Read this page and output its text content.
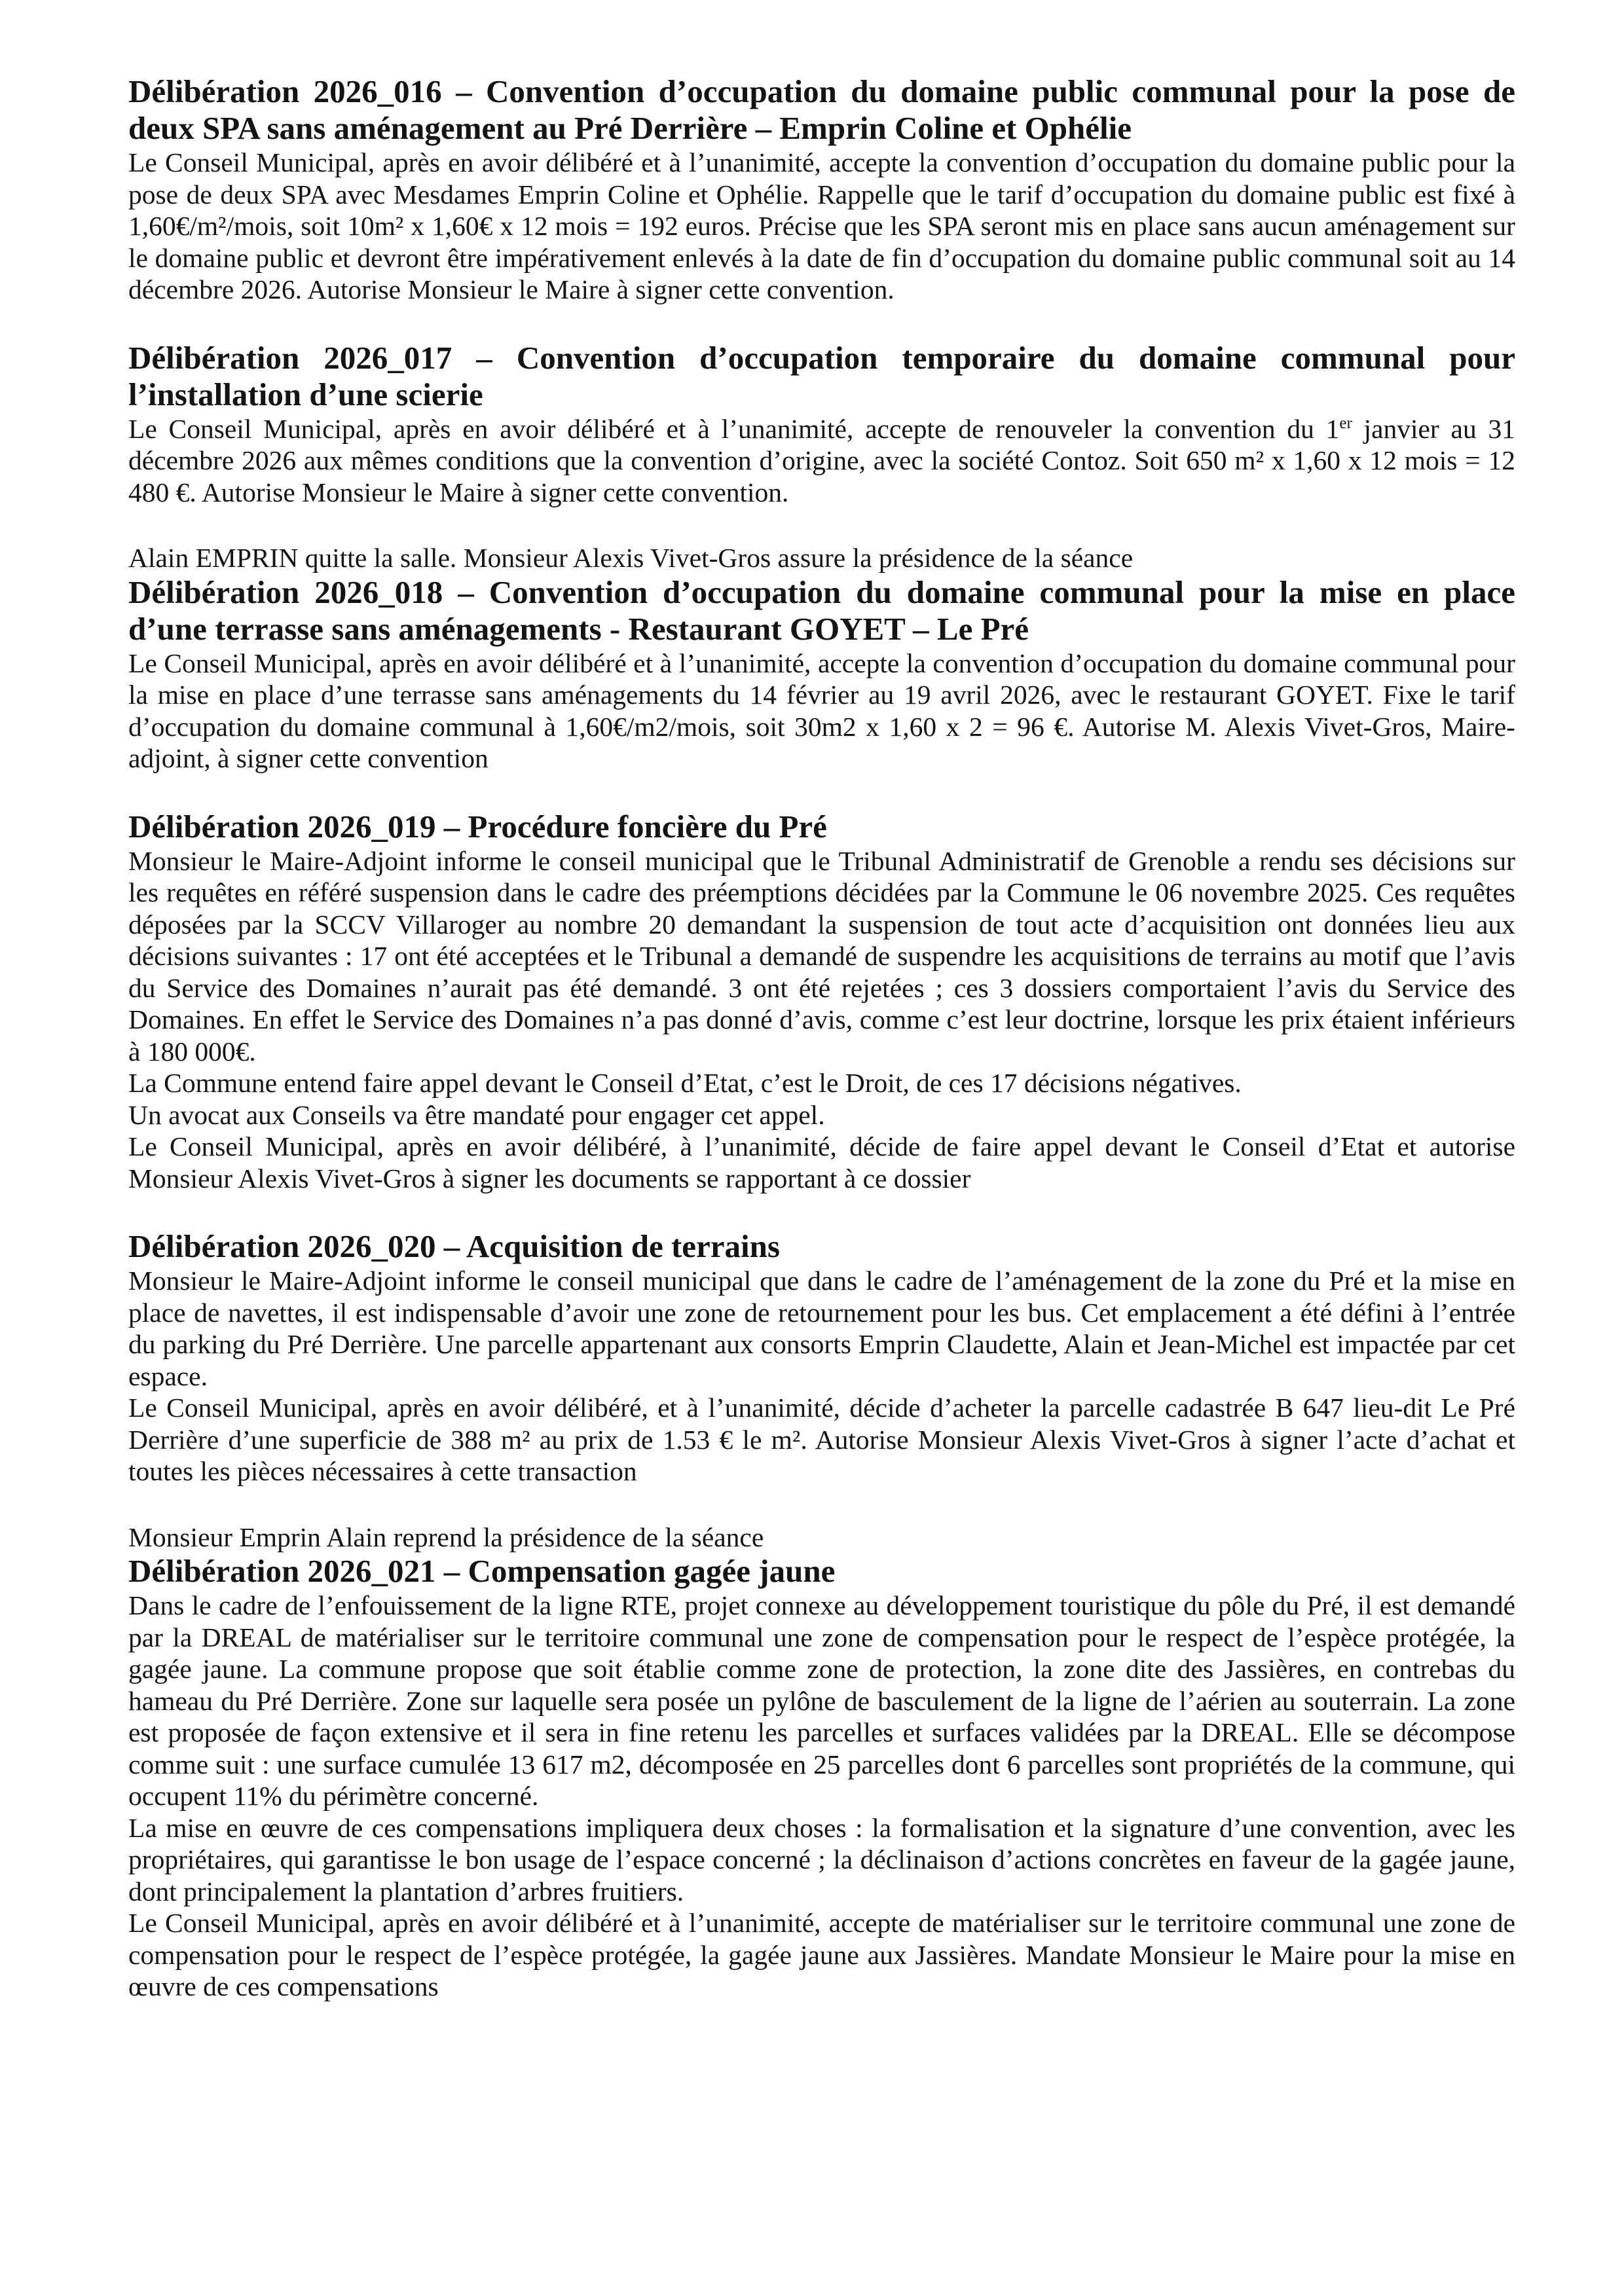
Délibération 2026_016 – Convention d’occupation du domaine public communal pour la pose de deux SPA sans aménagement au Pré Derrière – Emprin Coline et Ophélie

Le Conseil Municipal, après en avoir délibéré et à l’unanimité, accepte la convention d’occupation du domaine public pour la pose de deux SPA avec Mesdames Emprin Coline et Ophélie. Rappelle que le tarif d’occupation du domaine public est fixé à 1,60€/m²/mois, soit 10m² x 1,60€ x 12 mois = 192 euros. Précise que les SPA seront mis en place sans aucun aménagement sur le domaine public et devront être impérativement enlevés à la date de fin d’occupation du domaine public communal soit au 14 décembre 2026. Autorise Monsieur le Maire à signer cette convention.

Délibération 2026_017 – Convention d’occupation temporaire du domaine communal pour l’installation d’une scierie

Le Conseil Municipal, après en avoir délibéré et à l’unanimité, accepte de renouveler la convention du 1er janvier au 31 décembre 2026 aux mêmes conditions que la convention d’origine, avec la société Contoz. Soit 650 m² x 1,60 x 12 mois = 12 480 €. Autorise Monsieur le Maire à signer cette convention.

Alain EMPRIN quitte la salle. Monsieur Alexis Vivet-Gros assure la présidence de la séance

Délibération 2026_018 – Convention d’occupation du domaine communal pour la mise en place d’une terrasse sans aménagements - Restaurant GOYET – Le Pré

Le Conseil Municipal, après en avoir délibéré et à l’unanimité, accepte la convention d’occupation du domaine communal pour la mise en place d’une terrasse sans aménagements du 14 février au 19 avril 2026, avec le restaurant GOYET. Fixe le tarif d’occupation du domaine communal à 1,60€/m2/mois, soit 30m2 x 1,60 x 2 = 96 €. Autorise M. Alexis Vivet-Gros, Maire-adjoint, à signer cette convention

Délibération 2026_019 – Procédure foncière du Pré

Monsieur le Maire-Adjoint informe le conseil municipal que le Tribunal Administratif de Grenoble a rendu ses décisions sur les requêtes en référé suspension dans le cadre des préemptions décidées par la Commune le 06 novembre 2025. Ces requêtes déposées par la SCCV Villaroger au nombre 20 demandant la suspension de tout acte d’acquisition ont données lieu aux décisions suivantes : 17 ont été acceptées et le Tribunal a demandé de suspendre les acquisitions de terrains au motif que l’avis du Service des Domaines n’aurait pas été demandé. 3 ont été rejetées ; ces 3 dossiers comportaient l’avis du Service des Domaines. En effet le Service des Domaines n’a pas donné d’avis, comme c’est leur doctrine, lorsque les prix étaient inférieurs à 180 000€.

La Commune entend faire appel devant le Conseil d’Etat, c’est le Droit, de ces 17 décisions négatives.

Un avocat aux Conseils va être mandaté pour engager cet appel.

Le Conseil Municipal, après en avoir délibéré, à l’unanimité, décide de faire appel devant le Conseil d’Etat et autorise Monsieur Alexis Vivet-Gros à signer les documents se rapportant à ce dossier

Délibération 2026_020 – Acquisition de terrains

Monsieur le Maire-Adjoint informe le conseil municipal que dans le cadre de l’aménagement de la zone du Pré et la mise en place de navettes, il est indispensable d’avoir une zone de retournement pour les bus. Cet emplacement a été défini à l’entrée du parking du Pré Derrière. Une parcelle appartenant aux consorts Emprin Claudette, Alain et Jean-Michel est impactée par cet espace.

Le Conseil Municipal, après en avoir délibéré, et à l’unanimité, décide d’acheter la parcelle cadastrée B 647 lieu-dit Le Pré Derrière d’une superficie de 388 m² au prix de 1.53 € le m². Autorise Monsieur Alexis Vivet-Gros à signer l’acte d’achat et toutes les pièces nécessaires à cette transaction

Monsieur Emprin Alain reprend la présidence de la séance

Délibération 2026_021 – Compensation gagée jaune

Dans le cadre de l’enfouissement de la ligne RTE, projet connexe au développement touristique du pôle du Pré, il est demandé par la DREAL de matérialiser sur le territoire communal une zone de compensation pour le respect de l’espèce protégée, la gagée jaune. La commune propose que soit établie comme zone de protection, la zone dite des Jassières, en contrebas du hameau du Pré Derrière. Zone sur laquelle sera posée un pylône de basculement de la ligne de l’aérien au souterrain. La zone est proposée de façon extensive et il sera in fine retenu les parcelles et surfaces validées par la DREAL. Elle se décompose comme suit : une surface cumulée 13 617 m2, décomposée en 25 parcelles dont 6 parcelles sont propriétés de la commune, qui occupent 11% du périmètre concerné.

La mise en œuvre de ces compensations impliquera deux choses : la formalisation et la signature d’une convention, avec les propriétaires, qui garantisse le bon usage de l’espace concerné ; la déclinaison d’actions concrètes en faveur de la gagée jaune, dont principalement la plantation d’arbres fruitiers.

Le Conseil Municipal, après en avoir délibéré et à l’unanimité, accepte de matérialiser sur le territoire communal une zone de compensation pour le respect de l’espèce protégée, la gagée jaune aux Jassières. Mandate Monsieur le Maire pour la mise en œuvre de ces compensations
